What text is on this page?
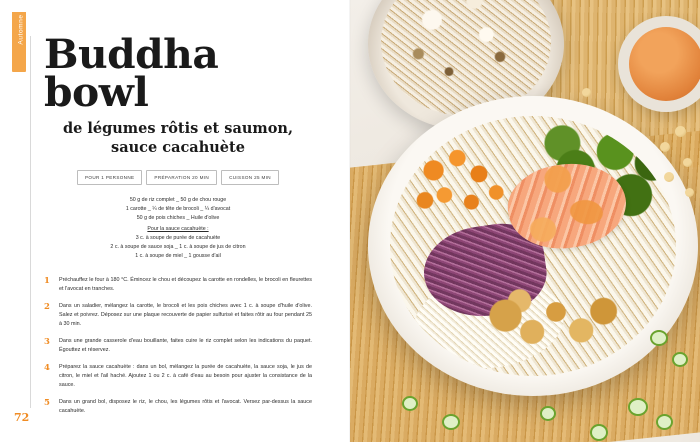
Automne
Buddha bowl
de légumes rôtis et saumon,
sauce cacahuète
POUR 1 PERSONNE	PRÉPARATION 20 MIN	CUISSON 25 MIN
50 g de riz complet _ 50 g de chou rouge
1 carotte _ ¼ de tête de brocoli _ ¼ d'avocat
50 g de pois chiches _ Huile d'olive
Pour la sauce cacahuète :
3 c. à soupe de purée de cacahuète
2 c. à soupe de sauce soja _ 1 c. à soupe de jus de citron
1 c. à soupe de miel _ 1 gousse d'ail
1	Préchauffez le four à 180 °C. Émincez le chou et découpez la carotte en rondelles, le brocoli en fleurettes et l'avocat en tranches.
2	Dans un saladier, mélangez la carotte, le brocoli et les pois chiches avec 1 c. à soupe d'huile d'olive. Salez et poivrez. Déposez sur une plaque recouverte de papier sulfurisé et faites rôtir au four pendant 25 à 30 min.
3	Dans une grande casserole d'eau bouillante, faites cuire le riz complet selon les indications du paquet. Égouttez et réservez.
4	Préparez la sauce cacahuète : dans un bol, mélangez la purée de cacahuète, la sauce soja, le jus de citron, le miel et l'ail haché. Ajoutez 1 ou 2 c. à café d'eau au besoin pour ajuster la consistance de la sauce.
5	Dans un grand bol, disposez le riz, le chou, les légumes rôtis et l'avocat. Versez par-dessus la sauce cacahuète.
72
